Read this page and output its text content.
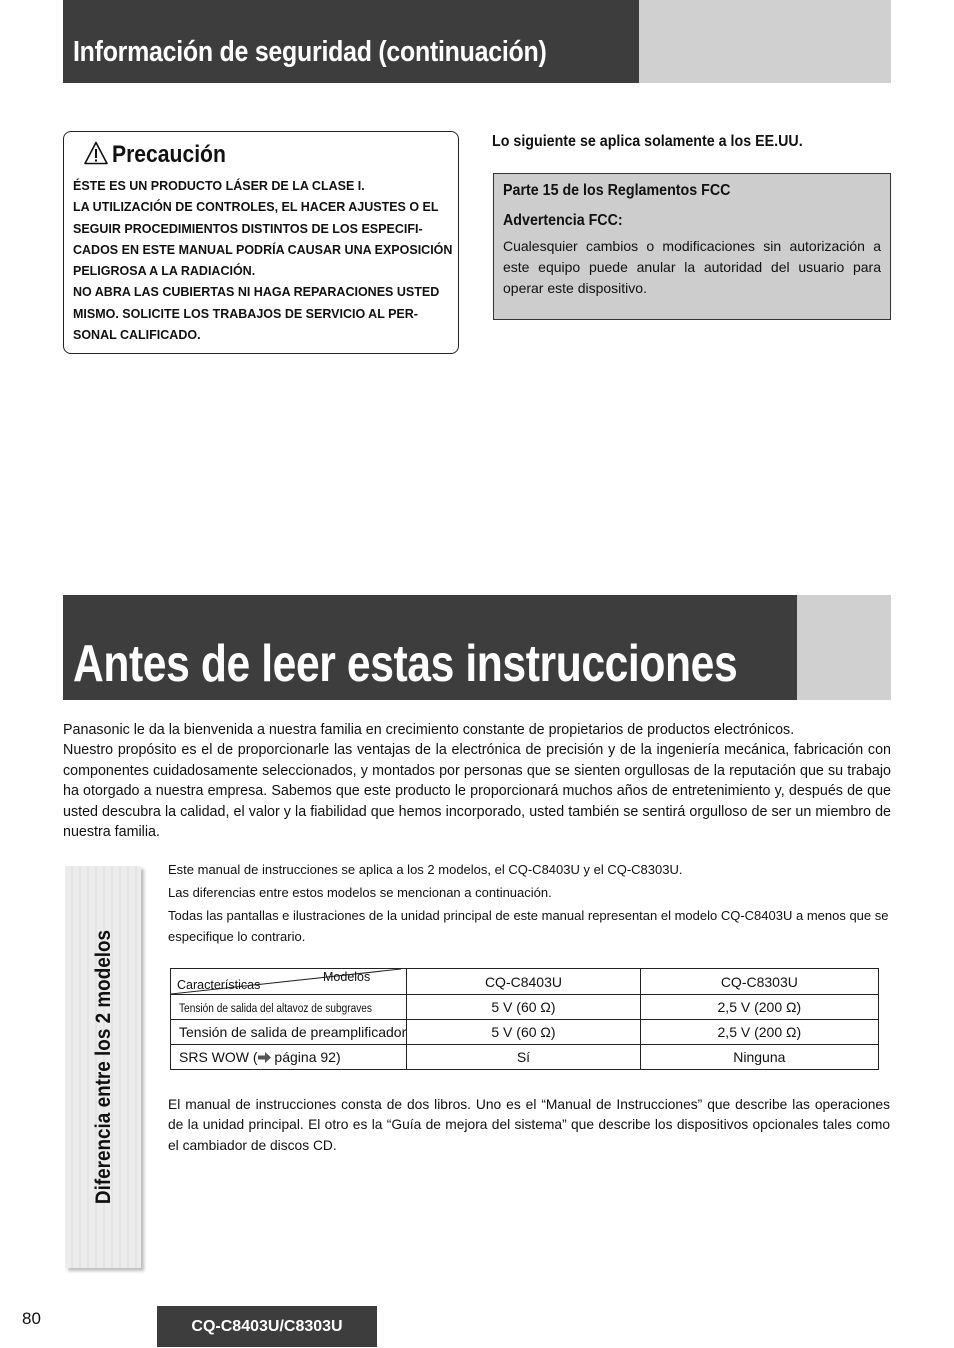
Información de seguridad (continuación)
Precaución

ÉSTE ES UN PRODUCTO LÁSER DE LA CLASE I.

LA UTILIZACIÓN DE CONTROLES, EL HACER AJUSTES O EL SEGUIR PROCEDIMIENTOS DISTINTOS DE LOS ESPECIFICADOS EN ESTE MANUAL PODRÍA CAUSAR UNA EXPOSICIÓN PELIGROSA A LA RADIACIÓN.

NO ABRA LAS CUBIERTAS NI HAGA REPARACIONES USTED MISMO. SOLICITE LOS TRABAJOS DE SERVICIO AL PERSONAL CALIFICADO.

Lo siguiente se aplica solamente a los EE.UU.
Parte 15 de los Reglamentos FCC
Advertencia FCC:
Cualesquier cambios o modificaciones sin autorización a este equipo puede anular la autoridad del usuario para operar este dispositivo.
Antes de leer estas instrucciones

Panasonic le da la bienvenida a nuestra familia en crecimiento constante de propietarios de productos electrónicos.

Nuestro propósito es el de proporcionarle las ventajas de la electrónica de precisión y de la ingeniería mecánica, fabricación con componentes cuidadosamente seleccionados, y montados por personas que se sienten orgullosas de la reputación que su trabajo ha otorgado a nuestra empresa. Sabemos que este producto le proporcionará muchos años de entretenimiento y, después de que usted descubra la calidad, el valor y la fiabilidad que hemos incorporado, usted también se sentirá orgulloso de ser un miembro de nuestra familia.

Diferencia entre los 2 modelos

Este manual de instrucciones se aplica a los 2 modelos, el CQ-C8403U y el CQ-C8303U.

Las diferencias entre estos modelos se mencionan a continuación.

Todas las pantallas e ilustraciones de la unidad principal de este manual representan el modelo CQ-C8403U a menos que se especifique lo contrario.

Modelos
Características	CQ-C8403U	CQ-C8303U
Tensión de salida del altavoz de subgraves	5 V (60 Ω)	2,5 V (200 Ω)
Tensión de salida de preamplificador	5 V (60 Ω)	2,5 V (200 Ω)
SRS WOW ( página 92)	Sí	Ninguna
El manual de instrucciones consta de dos libros. Uno es el “Manual de Instrucciones” que describe las operaciones de la unidad principal. El otro es la “Guía de mejora del sistema” que describe los dispositivos opcionales tales como el cambiador de discos CD.
80	CQ-C8403U/C8303U
